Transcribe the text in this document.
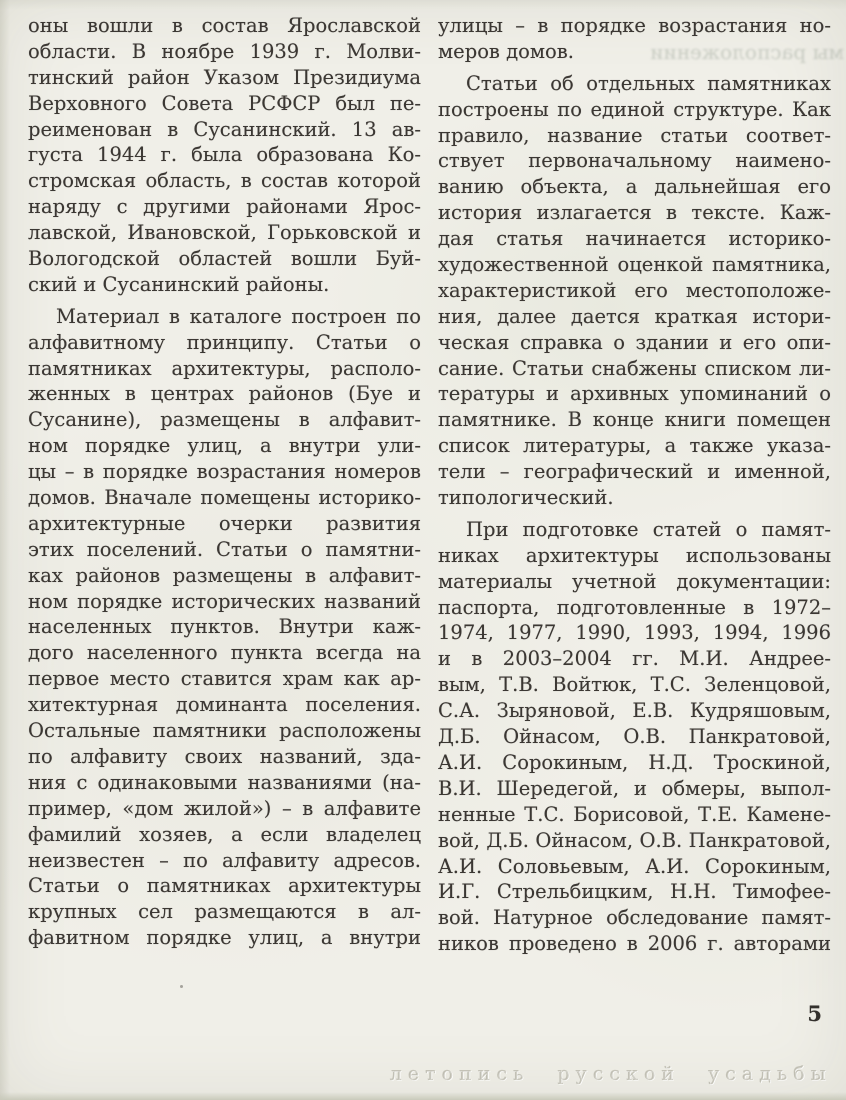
мы расположении
оны вошли в состав Ярославской
области. В ноябре 1939 г. Молви-
тинский район Указом Президиума
Верховного Совета РСФСР был пе-
реименован в Сусанинский. 13 ав-
густа 1944 г. была образована Ко-
стромская область, в состав которой
наряду с другими районами Ярос-
лавской, Ивановской, Горьковской и
Вологодской областей вошли Буй-
ский и Сусанинский районы.
Материал в каталоге построен по
алфавитному принципу. Статьи о
памятниках архитектуры, располо-
женных в центрах районов (Буе и
Сусанине), размещены в алфавит-
ном порядке улиц, а внутри ули-
цы – в порядке возрастания номеров
домов. Вначале помещены историко-
архитектурные очерки развития
этих поселений. Статьи о памятни-
ках районов размещены в алфавит-
ном порядке исторических названий
населенных пунктов. Внутри каж-
дого населенного пункта всегда на
первое место ставится храм как ар-
хитектурная доминанта поселения.
Остальные памятники расположены
по алфавиту своих названий, зда-
ния с одинаковыми названиями (на-
пример, «дом жилой») – в алфавите
фамилий хозяев, а если владелец
неизвестен – по алфавиту адресов.
Статьи о памятниках архитектуры
крупных сел размещаются в ал-
фавитном порядке улиц, а внутри
улицы – в порядке возрастания но-
меров домов.
Статьи об отдельных памятниках
построены по единой структуре. Как
правило, название статьи соответ-
ствует первоначальному наимено-
ванию объекта, а дальнейшая его
история излагается в тексте. Каж-
дая статья начинается историко-
художественной оценкой памятника,
характеристикой его местоположе-
ния, далее дается краткая истори-
ческая справка о здании и его опи-
сание. Статьи снабжены списком ли-
тературы и архивных упоминаний о
памятнике. В конце книги помещен
список литературы, а также указа-
тели – географический и именной,
типологический.
При подготовке статей о памят-
никах архитектуры использованы
материалы учетной документации:
паспорта, подготовленные в 1972–
1974, 1977, 1990, 1993, 1994, 1996
и в 2003–2004 гг. М.И. Андрее-
вым, Т.В. Войтюк, Т.С. Зеленцовой,
С.А. Зыряновой, Е.В. Кудряшовым,
Д.Б. Ойнасом, О.В. Панкратовой,
А.И. Сорокиным, Н.Д. Троскиной,
В.И. Шередегой, и обмеры, выпол-
ненные Т.С. Борисовой, Т.Е. Камене-
вой, Д.Б. Ойнасом, О.В. Панкратовой,
А.И. Соловьевым, А.И. Сорокиным,
И.Г. Стрельбицким, Н.Н. Тимофее-
вой. Натурное обследование памят-
ников проведено в 2006 г. авторами
5
летопись русской усадьбы
